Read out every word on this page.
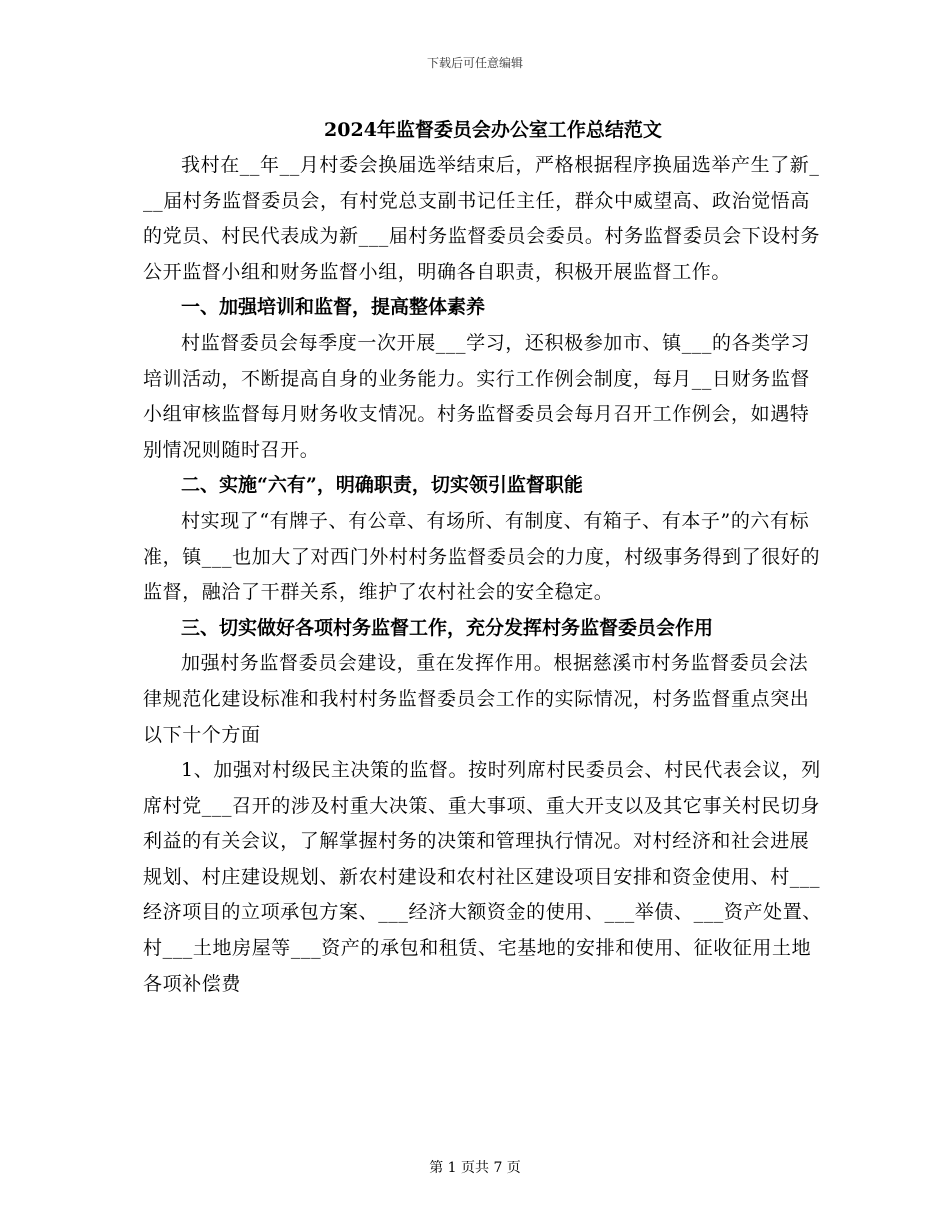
下载后可任意编辑
2024年监督委员会办公室工作总结范文

我村在__年__月村委会换届选举结束后，严格根据程序换届选举产生了新___届村务监督委员会，有村党总支副书记任主任，群众中威望高、政治觉悟高的党员、村民代表成为新___届村务监督委员会委员。村务监督委员会下设村务公开监督小组和财务监督小组，明确各自职责，积极开展监督工作。

一、加强培训和监督，提高整体素养

村监督委员会每季度一次开展___学习，还积极参加市、镇___的各类学习培训活动，不断提高自身的业务能力。实行工作例会制度，每月__日财务监督小组审核监督每月财务收支情况。村务监督委员会每月召开工作例会，如遇特别情况则随时召开。

二、实施“六有”，明确职责，切实领引监督职能

村实现了“有牌子、有公章、有场所、有制度、有箱子、有本子”的六有标准，镇___也加大了对西门外村村务监督委员会的力度，村级事务得到了很好的监督，融洽了干群关系，维护了农村社会的安全稳定。

三、切实做好各项村务监督工作，充分发挥村务监督委员会作用

加强村务监督委员会建设，重在发挥作用。根据慈溪市村务监督委员会法律规范化建设标准和我村村务监督委员会工作的实际情况，村务监督重点突出以下十个方面

1、加强对村级民主决策的监督。按时列席村民委员会、村民代表会议，列席村党___召开的涉及村重大决策、重大事项、重大开支以及其它事关村民切身利益的有关会议，了解掌握村务的决策和管理执行情况。对村经济和社会进展规划、村庄建设规划、新农村建设和农村社区建设项目安排和资金使用、村___经济项目的立项承包方案、___经济大额资金的使用、___举债、___资产处置、村___土地房屋等___资产的承包和租赁、宅基地的安排和使用、征收征用土地各项补偿费

第 1 页共 7 页
